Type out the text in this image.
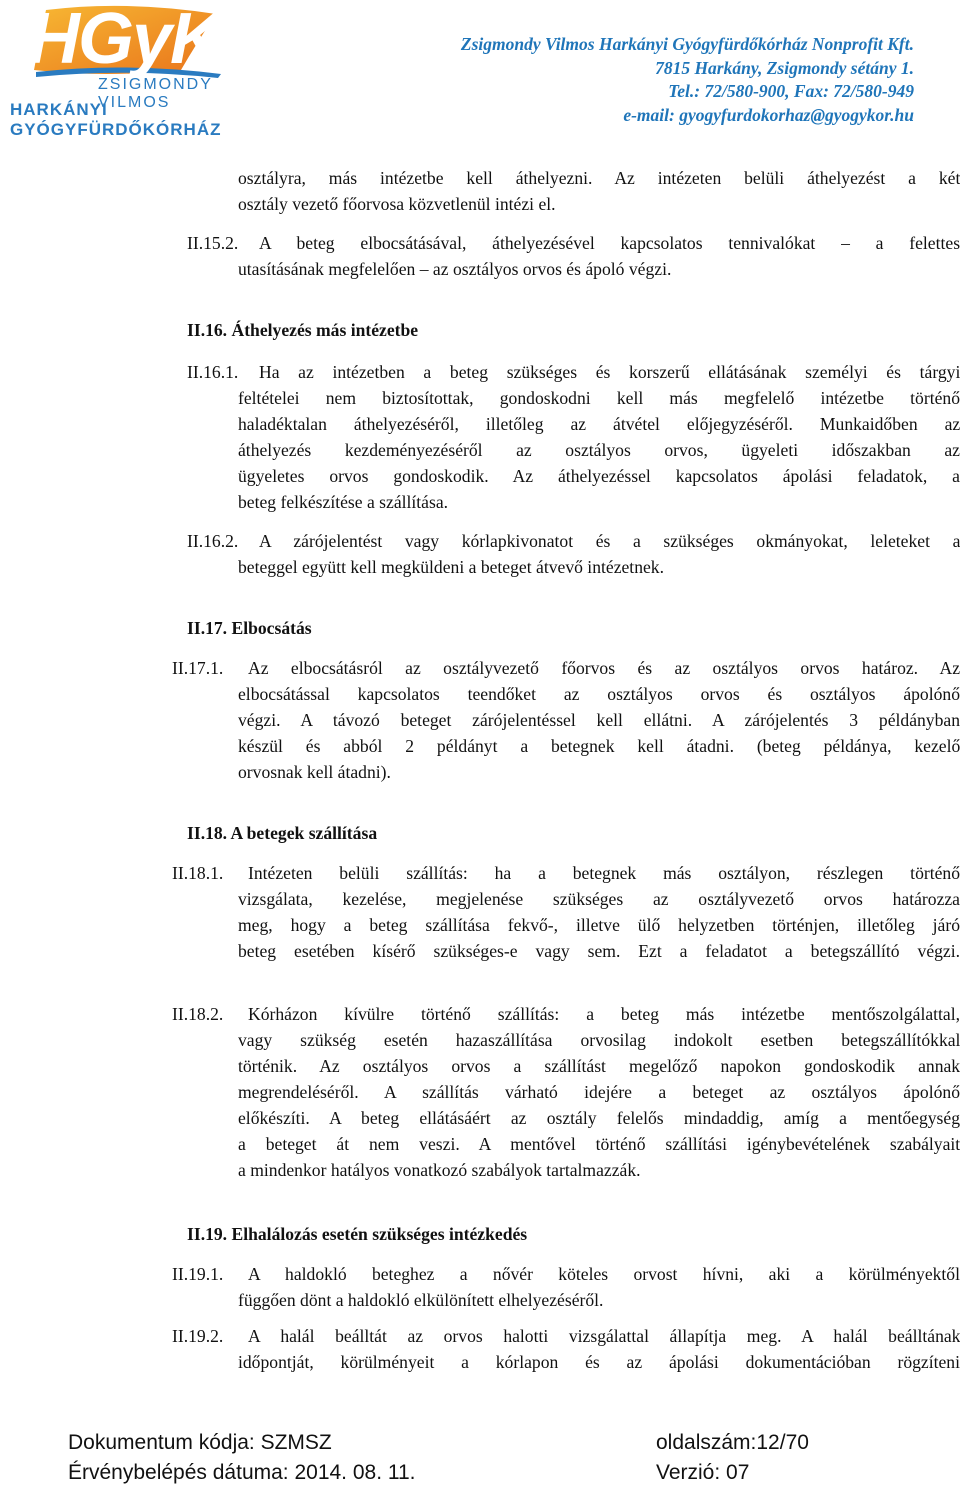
HGyK
ZSIGMONDY VILMOS
HARKÁNYI GYÓGYFÜRDŐKÓRHÁZ
Zsigmondy Vilmos Harkányi Gyógyfürdőkórház Nonprofit Kft.
7815 Harkány, Zsigmondy sétány 1.
Tel.: 72/580-900, Fax: 72/580-949
e-mail: gyogyfurdokorhaz@gyogykor.hu
osztályra, más intézetbe kell áthelyezni. Az intézeten belüli áthelyezést a két
osztály vezető főorvosa közvetlenül intézi el.
II.15.2. A beteg elbocsátásával, áthelyezésével kapcsolatos tennivalókat – a felettes
utasításának megfelelően – az osztályos orvos és ápoló végzi.
II.16. Áthelyezés más intézetbe
II.16.1. Ha az intézetben a beteg szükséges és korszerű ellátásának személyi és tárgyi
feltételei nem biztosítottak, gondoskodni kell más megfelelő intézetbe történő
haladéktalan áthelyezéséről, illetőleg az átvétel előjegyzéséről. Munkaidőben az
áthelyezés kezdeményezéséről az osztályos orvos, ügyeleti időszakban az
ügyeletes orvos gondoskodik. Az áthelyezéssel kapcsolatos ápolási feladatok, a
beteg felkészítése a szállítása.
II.16.2. A zárójelentést vagy kórlapkivonatot és a szükséges okmányokat, leleteket a
beteggel együtt kell megküldeni a beteget átvevő intézetnek.
II.17. Elbocsátás
II.17.1. Az elbocsátásról az osztályvezető főorvos és az osztályos orvos határoz. Az
elbocsátással kapcsolatos teendőket az osztályos orvos és osztályos ápolónő
végzi. A távozó beteget zárójelentéssel kell ellátni. A zárójelentés 3 példányban
készül és abból 2 példányt a betegnek kell átadni. (beteg példánya, kezelő
orvosnak kell átadni).
II.18. A betegek szállítása
II.18.1. Intézeten belüli szállítás: ha a betegnek más osztályon, részlegen történő
vizsgálata, kezelése, megjelenése szükséges az osztályvezető orvos határozza
meg, hogy a beteg szállítása fekvő-, illetve ülő helyzetben történjen, illetőleg járó
beteg esetében kísérő szükséges-e vagy sem. Ezt a feladatot a betegszállító végzi.
II.18.2. Kórházon kívülre történő szállítás: a beteg más intézetbe mentőszolgálattal,
vagy szükség esetén hazaszállítása orvosilag indokolt esetben betegszállítókkal
történik. Az osztályos orvos a szállítást megelőző napokon gondoskodik annak
megrendeléséről. A szállítás várható idejére a beteget az osztályos ápolónő
előkészíti. A beteg ellátásáért az osztály felelős mindaddig, amíg a mentőegység
a beteget át nem veszi. A mentővel történő szállítási igénybevételének szabályait
a mindenkor hatályos vonatkozó szabályok tartalmazzák.
II.19. Elhalálozás esetén szükséges intézkedés
II.19.1. A haldokló beteghez a nővér köteles orvost hívni, aki a körülményektől
függően dönt a haldokló elkülönített elhelyezéséről.
II.19.2. A halál beálltát az orvos halotti vizsgálattal állapítja meg. A halál beálltának
időpontját, körülményeit a kórlapon és az ápolási dokumentációban rögzíteni
Dokumentum kódja: SZMSZ	oldalszám:12/70
Érvénybelépés dátuma: 2014. 08. 11.	Verzió: 07
